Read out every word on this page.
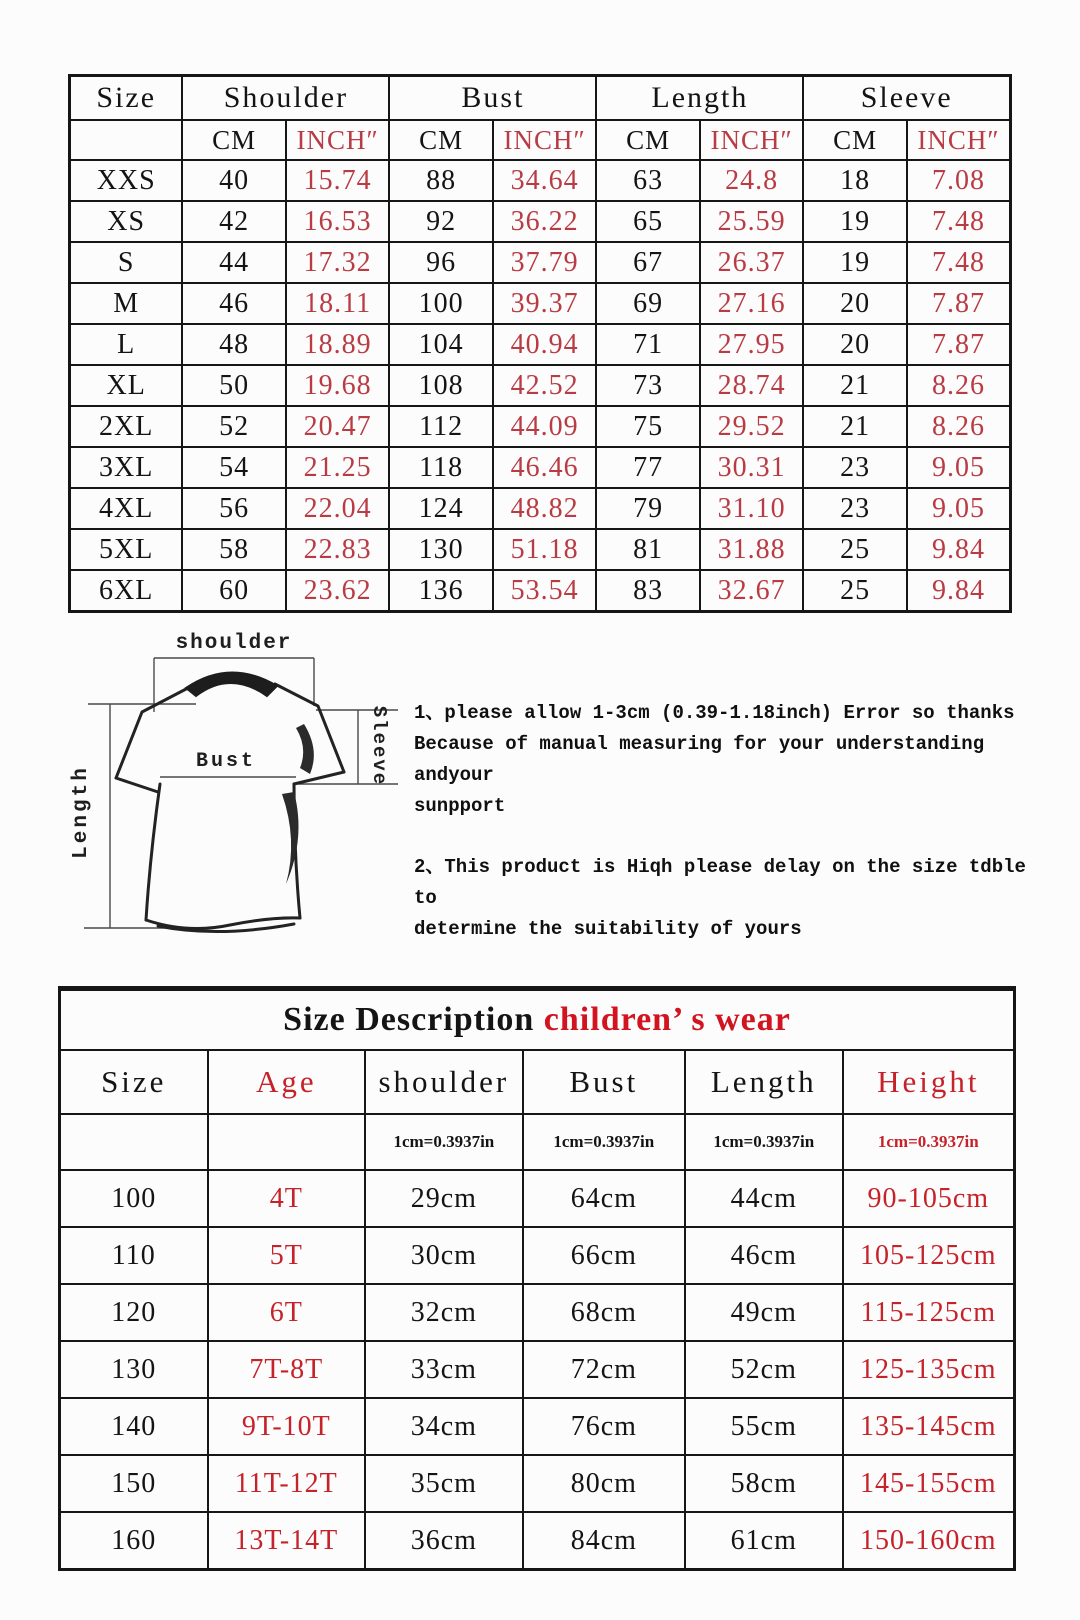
Size	Shoulder		Bust		Length		Sleeve	
	CM	INCH″	CM	INCH″	CM	INCH″	CM	INCH″
XXS	40	15.74	88	34.64	63	24.8	18	7.08
XS	42	16.53	92	36.22	65	25.59	19	7.48
S	44	17.32	96	37.79	67	26.37	19	7.48
M	46	18.11	100	39.37	69	27.16	20	7.87
L	48	18.89	104	40.94	71	27.95	20	7.87
XL	50	19.68	108	42.52	73	28.74	21	8.26
2XL	52	20.47	112	44.09	75	29.52	21	8.26
3XL	54	21.25	118	46.46	77	30.31	23	9.05
4XL	56	22.04	124	48.82	79	31.10	23	9.05
5XL	58	22.83	130	51.18	81	31.88	25	9.84
6XL	60	23.62	136	53.54	83	32.67	25	9.84
shoulder
Bust
Length
Sleeve 1、please allow 1-3cm (0.39-1.18inch) Error so thanks
Because of manual measuring for your understanding andyour
sunpport
2、This product is Hiqh please delay on the size tdble to
determine the suitability of yours
Size Description children’ s wear					
Size	Age	shoulder	Bust	Length	Height
		1cm=0.3937in	1cm=0.3937in	1cm=0.3937in	1cm=0.3937in
100	4T	29cm	64cm	44cm	90-105cm
110	5T	30cm	66cm	46cm	105-125cm
120	6T	32cm	68cm	49cm	115-125cm
130	7T-8T	33cm	72cm	52cm	125-135cm
140	9T-10T	34cm	76cm	55cm	135-145cm
150	11T-12T	35cm	80cm	58cm	145-155cm
160	13T-14T	36cm	84cm	61cm	150-160cm
